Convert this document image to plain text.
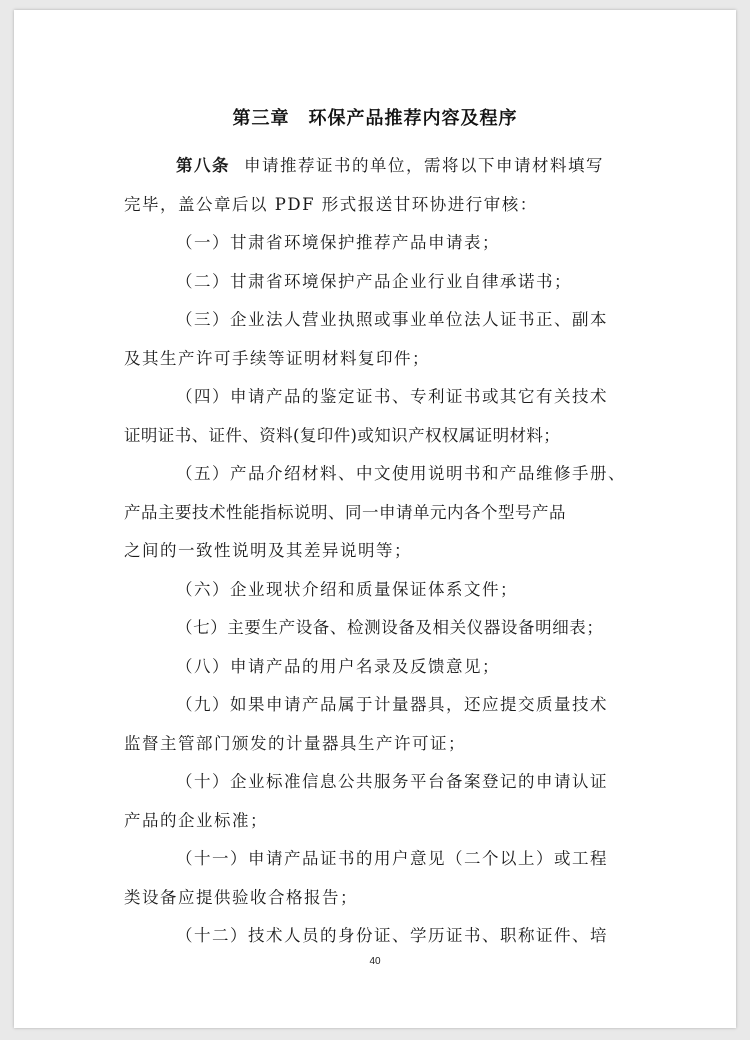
第三章　环保产品推荐内容及程序
第八条 申请推荐证书的单位，需将以下申请材料填写
完毕，盖公章后以 PDF 形式报送甘环协进行审核：
（一）甘肃省环境保护推荐产品申请表；
（二）甘肃省环境保护产品企业行业自律承诺书；
（三）企业法人营业执照或事业单位法人证书正、副本
及其生产许可手续等证明材料复印件；
（四）申请产品的鉴定证书、专利证书或其它有关技术
证明证书、证件、资料(复印件)或知识产权权属证明材料；
（五）产品介绍材料、中文使用说明书和产品维修手册、
产品主要技术性能指标说明、同一申请单元内各个型号产品
之间的一致性说明及其差异说明等；
（六）企业现状介绍和质量保证体系文件；
（七）主要生产设备、检测设备及相关仪器设备明细表；
（八）申请产品的用户名录及反馈意见；
（九）如果申请产品属于计量器具，还应提交质量技术
监督主管部门颁发的计量器具生产许可证；
（十）企业标准信息公共服务平台备案登记的申请认证
产品的企业标准；
（十一）申请产品证书的用户意见（二个以上）或工程
类设备应提供验收合格报告；
（十二）技术人员的身份证、学历证书、职称证件、培
40
